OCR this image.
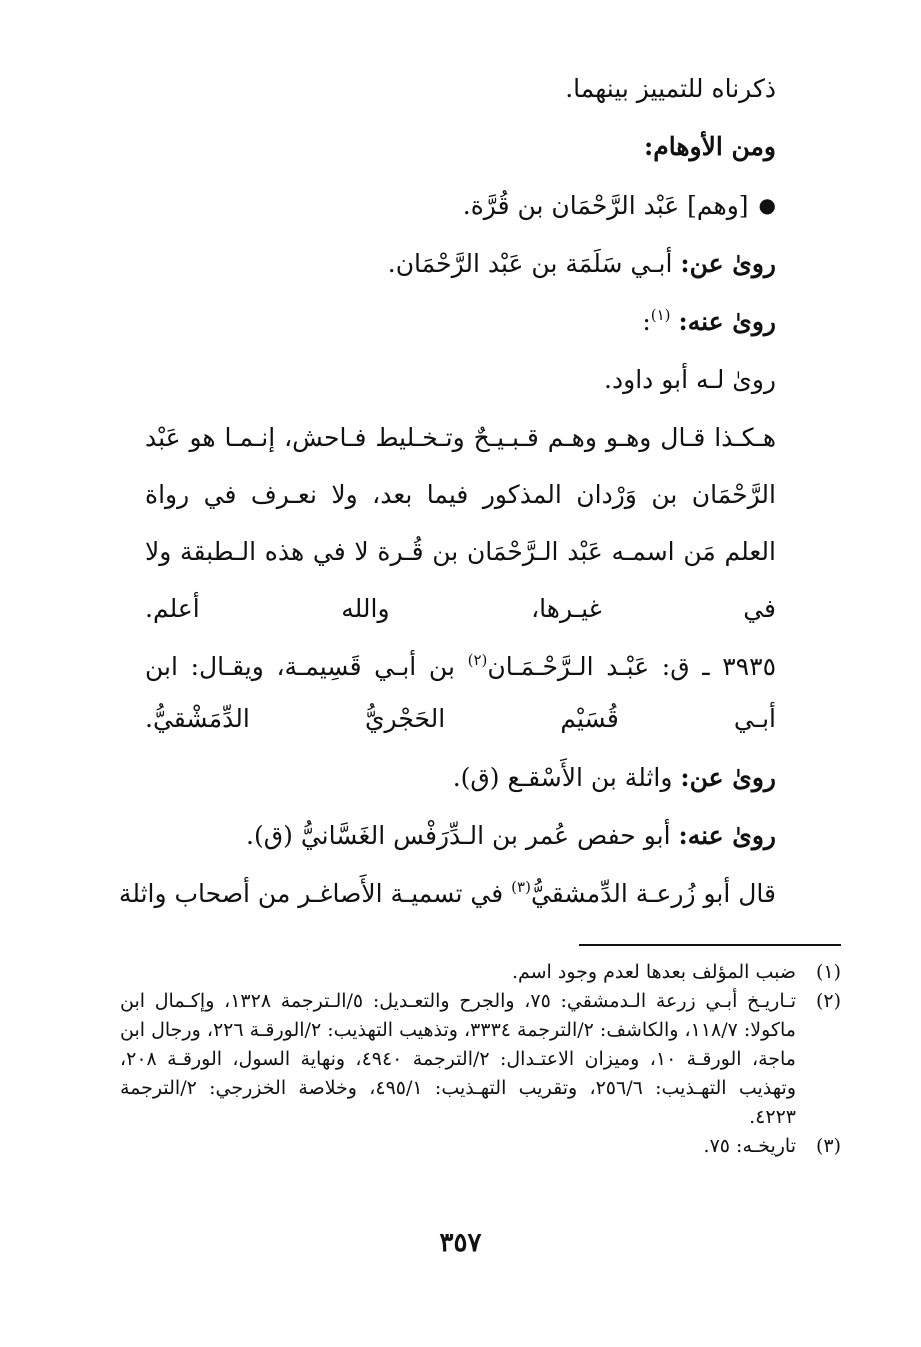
ذكرناه للتمييز بينهما.
ومن الأوهام:
●[وهم] عَبْد الرَّحْمَان بن قُرَّة.
روىٰ عن: أبـي سَلَمَة بن عَبْد الرَّحْمَان.
روىٰ عنه: $^{(١)}$:
روىٰ لـه أبو داود.
هـكـذا قـال وهـو وهـم قـبـيـحٌ وتـخـليط فـاحش، إنـمـا هو عَبْد الرَّحْمَان بن وَرْدان المذكور فيما بعد، ولا نعـرف في رواة العلم مَن اسمـه عَبْد الـرَّحْمَان بن قُـرة لا في هذه الـطبقة ولا في غيـرها، والله أعلم.
٣٩٣٥ ـ ق: عَبْـد الـرَّحْـمَـان$^{(٢)}$ بن أبـي قَسِيمـة، ويقـال: ابن أبـي قُسَيْم الحَجْريُّ الدِّمَشْقيُّ.
روىٰ عن: واثلة بن الأَسْقـع (ق).
روىٰ عنه: أبو حفص عُمر بن الـدِّرَفْس الغَسَّانيُّ (ق).
قال أبو زُرعـة الدِّمشقيُّ$^{(٣)}$ في تسميـة الأَصاغـر من أصحاب واثلة
(١)
ضبب المؤلف بعدها لعدم وجود اسم.
(٢)
تـاريـخ أبـي زرعة الـدمشقي: ٧٥، والجرح والتعـديل: ٥/الـترجمة ١٣٢٨، وإكـمال ابن ماكولا: ١١٨/٧، والكاشف: ٢/الترجمة ٣٣٣٤، وتذهيب التهذيب: ٢/الورقـة ٢٢٦، ورجال ابن ماجة، الورقـة ١٠، وميزان الاعتـدال: ٢/الترجمة ٤٩٤٠، ونهاية السول، الورقـة ٢٠٨، وتهذيب التهـذيب: ٢٥٦/٦، وتقريب التهـذيب: ٤٩٥/١، وخلاصة الخزرجي: ٢/الترجمة ٤٢٢٣.
(٣)
تاريخـه: ٧٥.
٣٥٧
